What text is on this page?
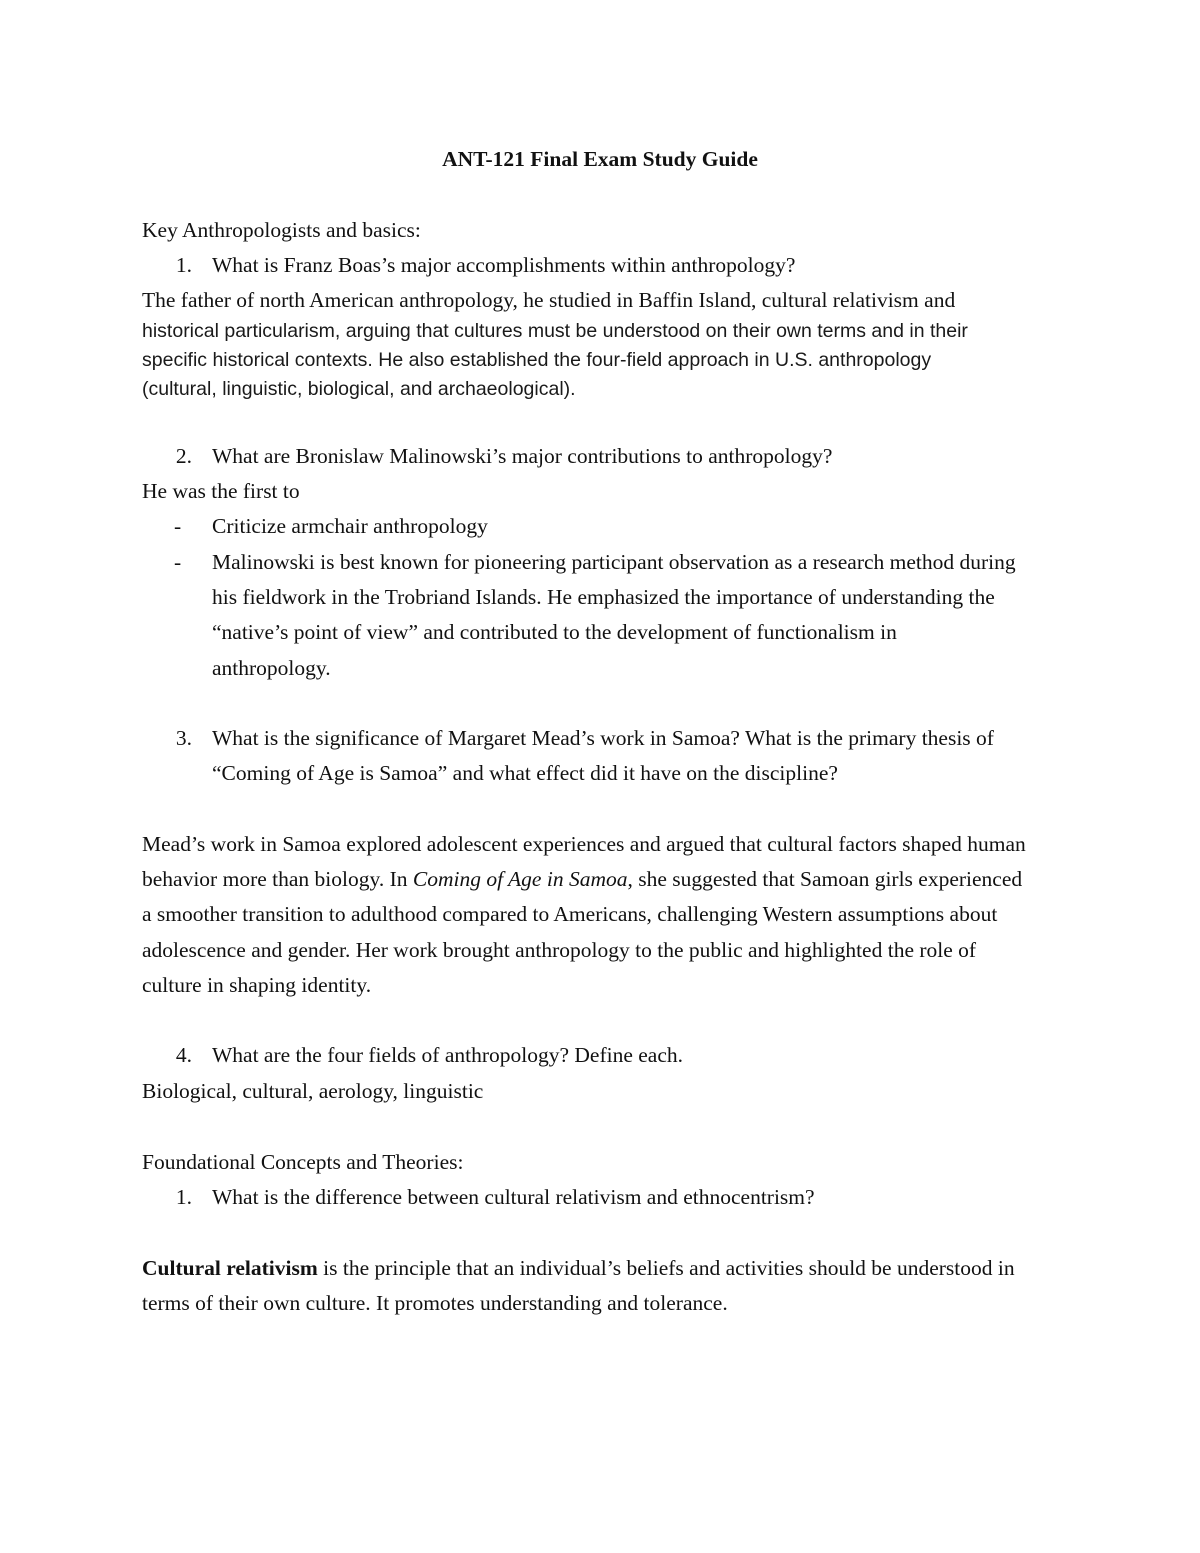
ANT-121 Final Exam Study Guide
Key Anthropologists and basics:
1. What is Franz Boas’s major accomplishments within anthropology?
The father of north American anthropology, he studied in Baffin Island, cultural relativism and
historical particularism, arguing that cultures must be understood on their own terms and in their
specific historical contexts. He also established the four-field approach in U.S. anthropology
(cultural, linguistic, biological, and archaeological).
2. What are Bronislaw Malinowski’s major contributions to anthropology?
He was the first to
- Criticize armchair anthropology
- Malinowski is best known for pioneering participant observation as a research method during
his fieldwork in the Trobriand Islands. He emphasized the importance of understanding the
“native’s point of view” and contributed to the development of functionalism in
anthropology.
3. What is the significance of Margaret Mead’s work in Samoa? What is the primary thesis of
“Coming of Age is Samoa” and what effect did it have on the discipline?
Mead’s work in Samoa explored adolescent experiences and argued that cultural factors shaped human
behavior more than biology. In Coming of Age in Samoa, she suggested that Samoan girls experienced
a smoother transition to adulthood compared to Americans, challenging Western assumptions about
adolescence and gender. Her work brought anthropology to the public and highlighted the role of
culture in shaping identity.
4. What are the four fields of anthropology? Define each.
Biological, cultural, aerology, linguistic
Foundational Concepts and Theories:
1. What is the difference between cultural relativism and ethnocentrism?
Cultural relativism is the principle that an individual’s beliefs and activities should be understood in
terms of their own culture. It promotes understanding and tolerance.
